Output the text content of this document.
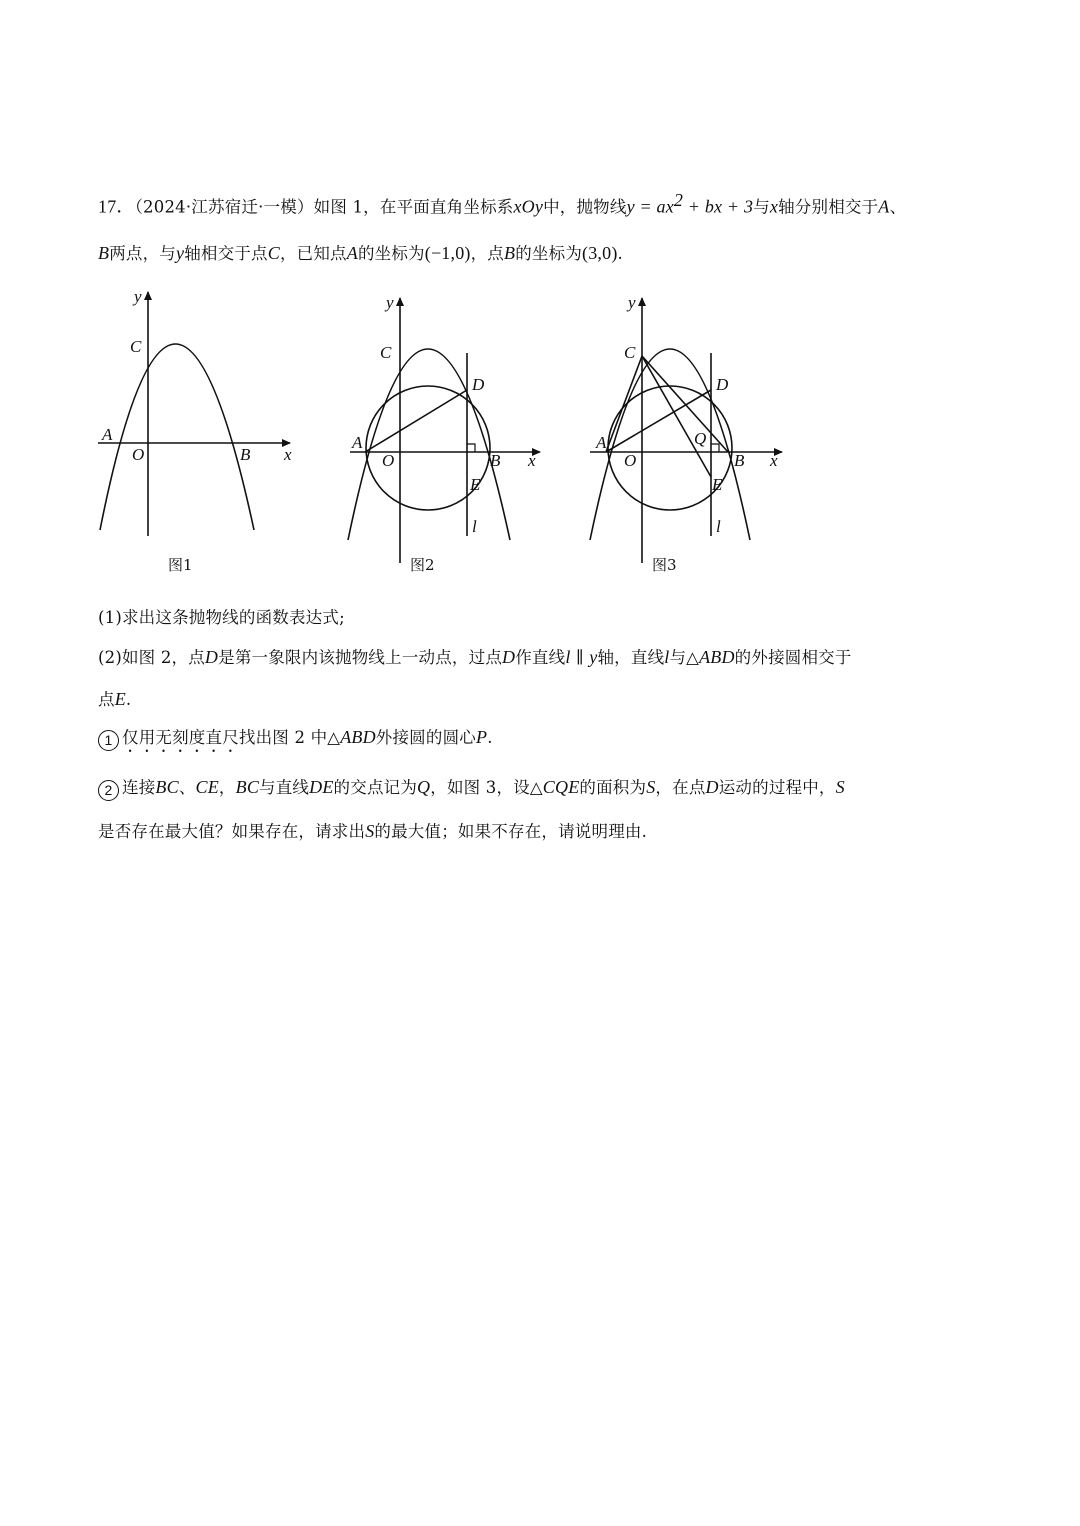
17．（2024·江苏宿迁·一模）如图 1，在平面直角坐标系xOy中，抛物线$y = ax^2$ + bx + 3与x轴分别相交于A、
B两点，与y轴相交于点C，已知点A的坐标为(−1,0)，点B的坐标为(3,0).
y
x
C
A
O	B
图1
y
x
C
A
O	B
D
E
l
图2
y
x
C
A
O	B
D
Q
E
l
图3
(1)求出这条抛物线的函数表达式;
(2)如图 2，点D是第一象限内该抛物线上一动点，过点D作直线l ∥ y轴，直线l与△ABD的外接圆相交于
点E.
1 仅用无刻度直尺找出图 2 中△ABD外接圆的圆心P.
2 连接BC、CE，BC与直线DE的交点记为Q，如图 3，设△CQE的面积为S，在点D运动的过程中，S
是否存在最大值？如果存在，请求出S的最大值；如果不存在，请说明理由.
